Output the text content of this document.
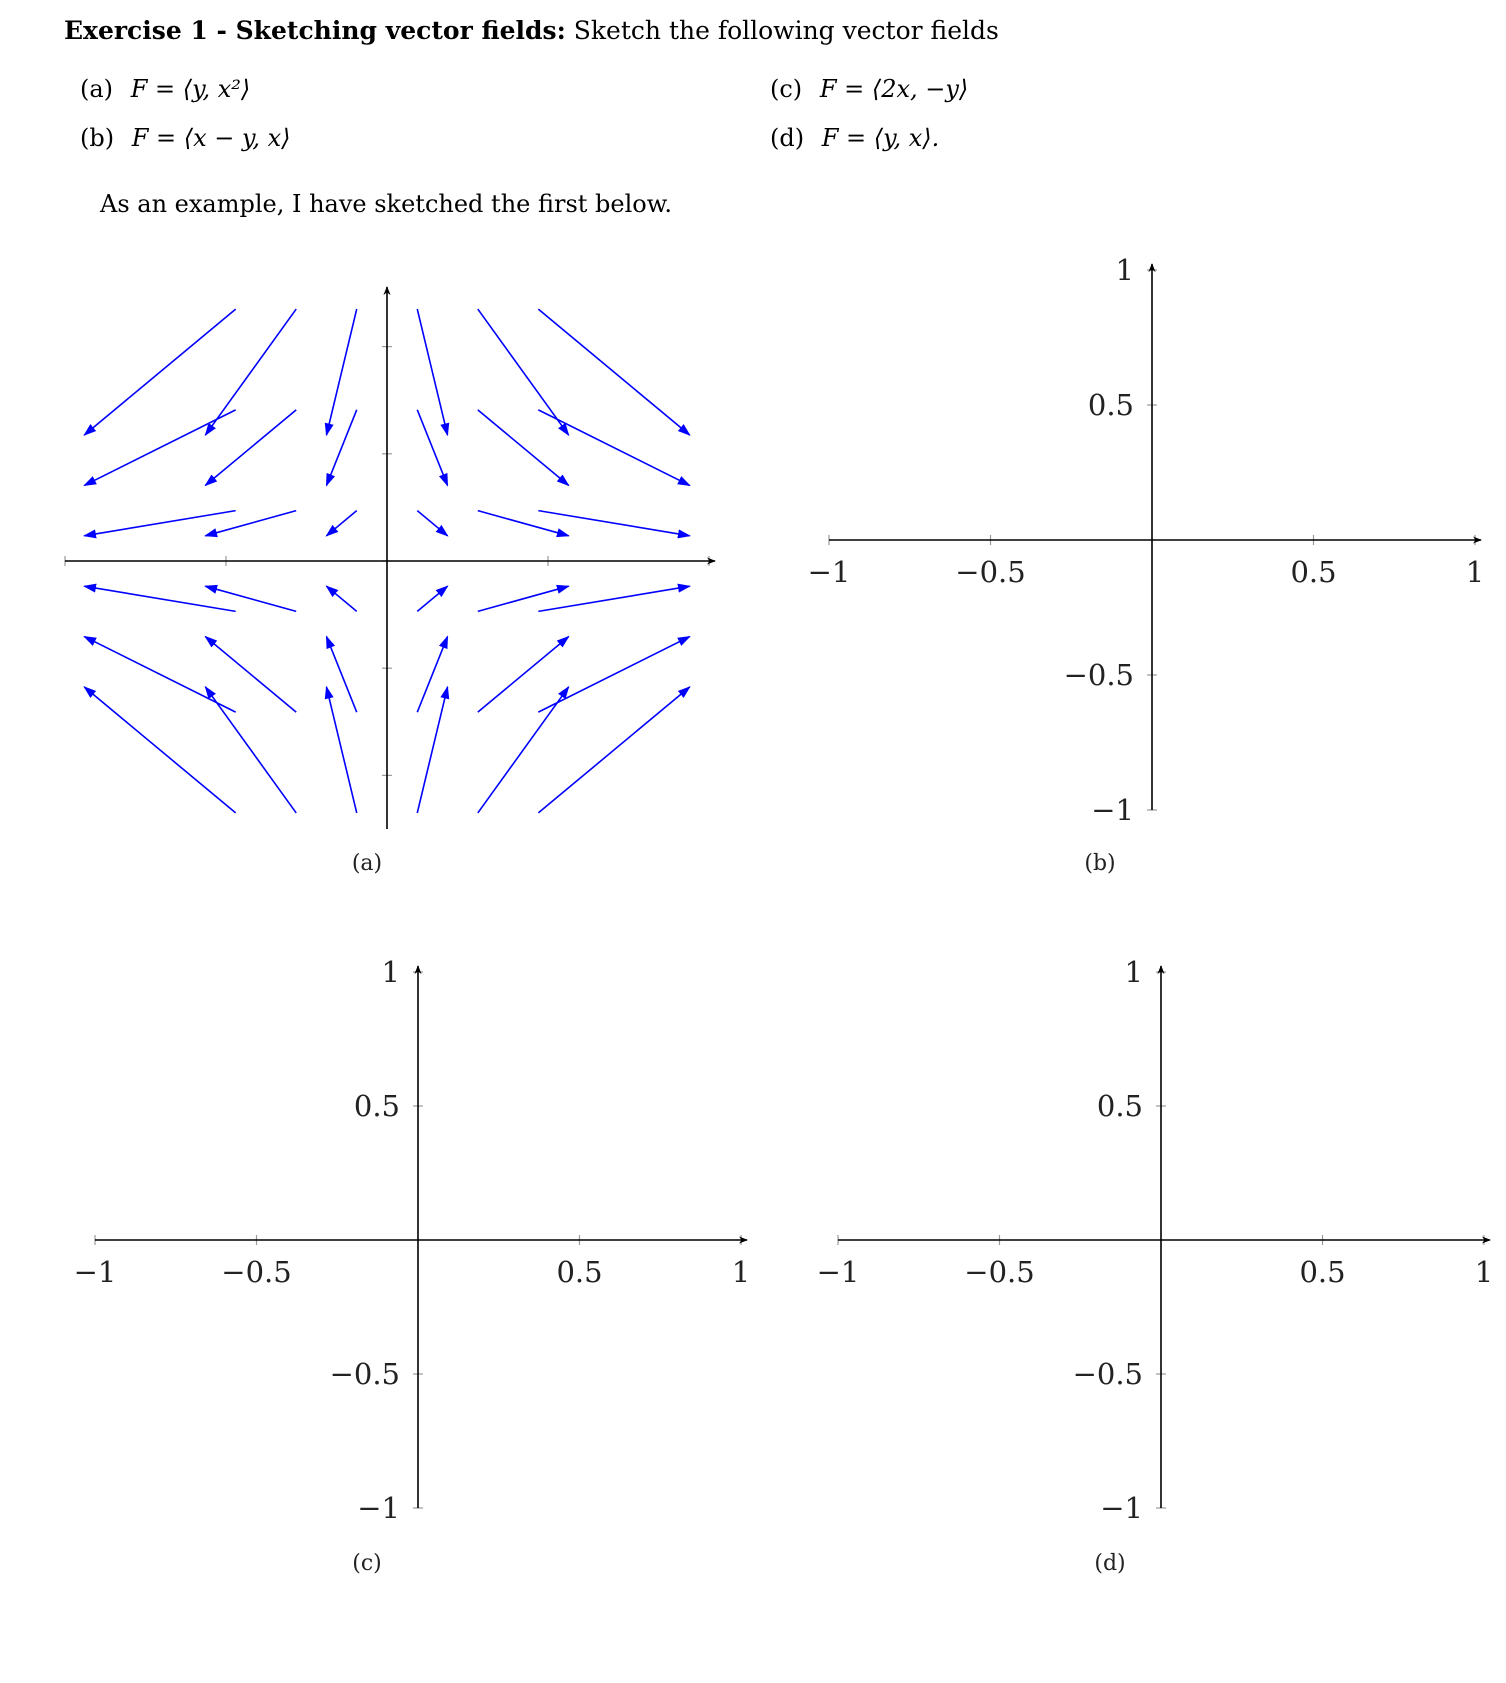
Exercise 1 - Sketching vector fields: Sketch the following vector fields
(a) F = ⟨y, x²⟩
(b) F = ⟨x − y, x⟩
(c) F = ⟨2x, −y⟩
(d) F = ⟨y, x⟩.
As an example, I have sketched the first below.
(a)
−1
−1
−0.5
−0.5
0.5
0.5
1
1
(b)
−1
−1
−0.5
−0.5
0.5
0.5
1
1
(c)
−1
−1
−0.5
−0.5
0.5
0.5
1
1
(d)
